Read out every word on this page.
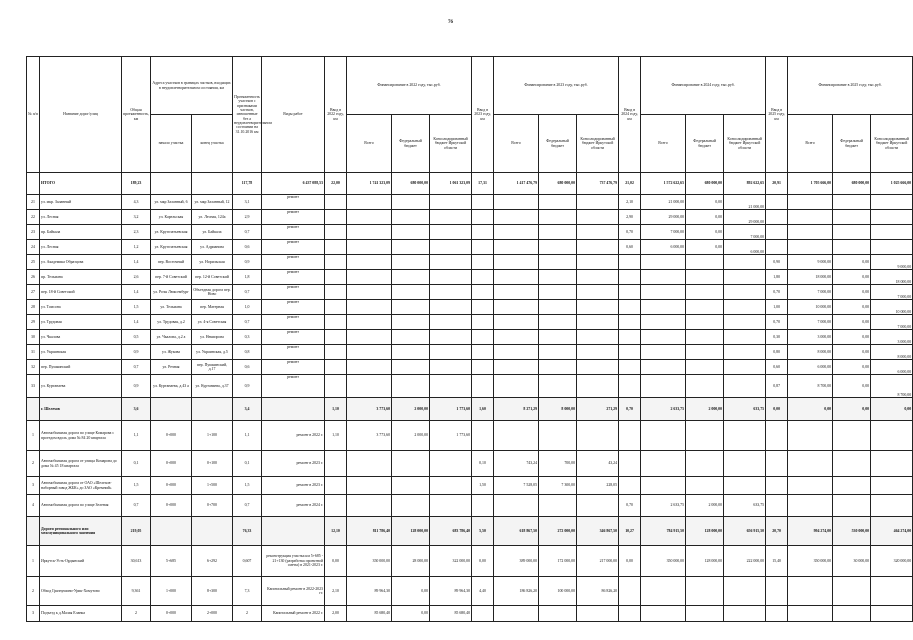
76
№ п/п	Название дорог/улиц	Общая протяженность, км	Адреса участков в границах частков, входящих в неудовлетворительном состоянии, км		Протяженность участков с признаками частков, изношенные без а неудовлетворительном состоянии на 31.10.2016 км	Виды работ	Ввод в 2022 году, км	Финансирование в 2022 году, тыс.руб.			Ввод в 2023 году, км	Финансирование в 2023 году, тыс.руб.			Ввод в 2024 году, км	Финансирование в 2024 году, тыс.руб.			Ввод в 2025 году, км	Финансирование в 2025 году, тыс.руб.		
			начало участка	конец участка				Всего	Федеральный бюджет	Консолидированный бюджет Иркутской области		Всего	Федеральный бюджет	Консолидированный бюджет Иркутской области		Всего	Федеральный бюджет	Консолидированный бюджет Иркутской области		Всего	Федеральный бюджет	Консолидированный бюджет Иркутской области
	ИТОГО	189,23			117,78	6 437 088,53	22,00	1 741 323,09	680 000,00	1 061 323,09	17,31	1 417 476,79	680 000,00	737 476,79	21,02	1 572 622,65	680 000,00	892 622,65	20,91	1 705 666,00	680 000,00	1 025 666,00
21	ул. мкр. Заланный	4,3	ул. мкр Заланный, 6	ул. мкр Заланный, 12	3,1	ремонт									2,10	21 000,00	0,00	21 000,00				
22	ул. Лесная	3,2	ул. Карельская	ул. Лесная, 124а	2,9	ремонт									2,90	29 000,00	0,00	29 000,00				
23	пр. Байкала	2,3	ул. Кругозатьевская	ул. Байкала	0,7	ремонт									0,70	7 000,00	0,00	7 000,00				
24	ул. Лесная	1,2	ул. Кругозатьевская	ул. Адрианова	0,6	ремонт									0,60	6 000,00	0,00	6 000,00				
25	ул. Академика Образцова	1,4	пер. Восточный	ул. Норильская	0,9	ремонт													0,90	9 000,00	0,00	9 000,00
26	пр. Тельмана	2,6	пер. 7-й Советский	пер. 12-й Советский	1,8	ремонт													1,80	18 000,00	0,00	18 000,00
27	пер. 18-й Советский	1,4	ул. Розы Люксембург	Объездная дорога пер. Ново	0,7	ремонт													0,70	7 000,00	0,00	7 000,00
28	ул. Томсона	1,5	ул. Тельмана	пер. Матерная	1,0	ремонт													1,00	10 000,00	0,00	10 000,00
29	ул. Трудовая	1,4	ул. Трудовая, д.2	ул. 4-я Советская	0,7	ремонт													0,70	7 000,00	0,00	7 000,00
30	ул. Чкалова	0,5	ул. Чкалова, д.2 а	ул. Некипрова	0,3	ремонт													0,30	3 000,00	0,00	3 000,00
31	ул. Украинская	0,9	ул. Жукова	ул. Украинская, д.5	0,8	ремонт													0,80	8 000,00	0,00	8 000,00
32	пер. Пушкинский	0,7	ул. Речная	пер. Пушкинский, д.17	0,6	ремонт													0,60	6 000,00	0,00	6 000,00
33	ул. Куртанаева	0,9	ул. Куртанаева, д.43 а	ул. Куртанаева, д.37	0,9	ремонт													0,87	8 700,00	0,00	8 700,00
	г. Шелехов	3,6			3,4		1,10	3 773,60	2 000,00	1 773,60	1,60	8 271,29	8 000,00	271,29	0,70	2 633,75	2 000,00	633,75	0,00	0,00	0,00	0,00
1	Автомобильная дорога по улице Комарова с проездом вдоль дома № 84 20 квартала	1,1	0+000	1+100	1,1	ремонт в 2022 г.	1,10	3 773,60	2 000,00	1 773,60												
2	Автомобильная дорога от улицы Комарова до дома № 45 18 квартала	0,1	0+000	0+100	0,1	ремонт в 2023 г.					0,10	743,24	700,00	43,24								
3	Автомобильная дорога от ОАО «Шелехов-наборный завод ЖБК» до ЗАО «Кремний»	1,5	0+000	1+500	1,5	ремонт в 2023 г.					1,50	7 528,05	7 300,00	228,05								
4	Автомобильная дорога по улице Зеленая	0,7	0+000	0+700	0,7	ремонт в 2024 г.									0,70	2 633,75	2 000,00	633,75				
	Дороги регионального или межмуниципального значения	219,05			76,33		12,10	811 786,40	128 000,00	683 786,40	5,50	618 867,50	272 000,00	346 867,50	10,27	784 915,50	128 000,00	656 915,50	20,70	994 274,00	530 000,00	464 274,00
1	Иркутск-Усть-Ордынский	30,613	5+685	6+292	0,607	реконструкция участка км 5+685 - 21+130 (разработка проектной сметы) в 2021-2023 г.	0,00	350 000,00	28 000,00	322 000,00	0,00	389 000,00	172 000,00	217 000,00	0,00	350 000,00	128 000,00	222 000,00	15,40	350 000,00	30 000,00	320 000,00
2	Обход Грязнушино-Урик-Хомутово	9,361	1+000	8+300	7,3	Капитальный ремонт в 2022-2023 гг.	2,10	89 964,30	0,00	89 964,30	4,40	186 826,20	100 000,00	86 826,20								
3	Подъезд к д.Малая Еланка	2	0+000	2+000	2	Капитальный ремонт в 2022 г.	2,00	85 680,40	0,00	85 680,40												
